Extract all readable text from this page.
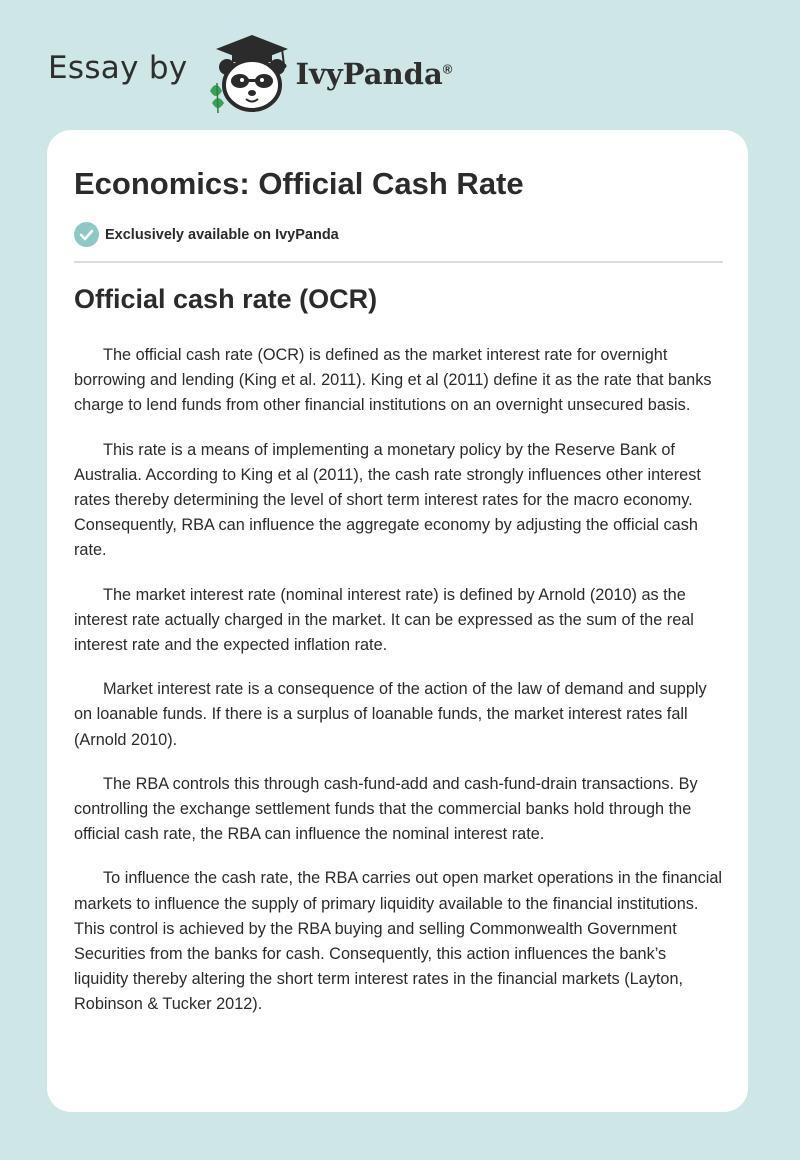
Essay by	IvyPanda®
Economics: Official Cash Rate
Exclusively available on IvyPanda
Official cash rate (OCR)

The official cash rate (OCR) is defined as the market interest rate for overnight borrowing and lending (King et al. 2011). King et al (2011) define it as the rate that banks charge to lend funds from other financial institutions on an overnight unsecured basis.

This rate is a means of implementing a monetary policy by the Reserve Bank of Australia. According to King et al (2011), the cash rate strongly influences other interest rates thereby determining the level of short term interest rates for the macro economy. Consequently, RBA can influence the aggregate economy by adjusting the official cash rate.

The market interest rate (nominal interest rate) is defined by Arnold (2010) as the interest rate actually charged in the market. It can be expressed as the sum of the real interest rate and the expected inflation rate.

Market interest rate is a consequence of the action of the law of demand and supply on loanable funds. If there is a surplus of loanable funds, the market interest rates fall (Arnold 2010).

The RBA controls this through cash-fund-add and cash-fund-drain transactions. By controlling the exchange settlement funds that the commercial banks hold through the official cash rate, the RBA can influence the nominal interest rate.

To influence the cash rate, the RBA carries out open market operations in the financial markets to influence the supply of primary liquidity available to the financial institutions. This control is achieved by the RBA buying and selling Commonwealth Government Securities from the banks for cash. Consequently, this action influences the bank’s liquidity thereby altering the short term interest rates in the financial markets (Layton, Robinson & Tucker 2012).
